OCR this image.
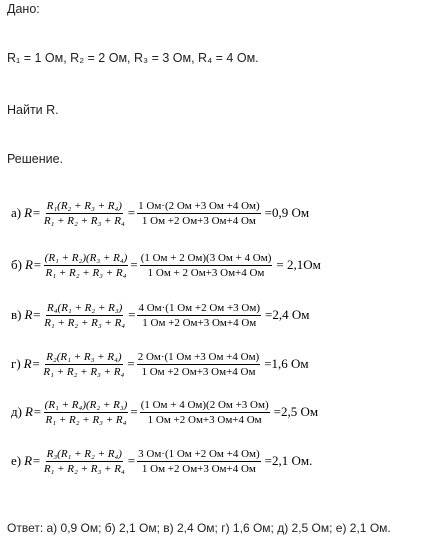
Дано:
R₁ = 1 Ом, R₂ = 2 Ом, R₃ = 3 Ом, R₄ = 4 Ом.
Найти R.
Решение.
а) $R= \frac{\text{R₁(R₂ + R₃ + R₄)}}{\text{R₁ + R₂ + R₃ + R₄}} = \frac{1 Ом\cdot(2 Ом +3 Ом +4 Ом)}{1 Ом +2 Ом+3 Ом+4 Ом} =0,9$ Ом
б) $R= \frac{\text{(R₁ + R₂)(R₃ + R₄)}}{\text{R₁ + R₂ + R₃ + R₄}} = \frac{(1 Ом + 2 Ом)(3 Ом + 4 Ом)}{1 Ом + 2 Ом+3 Ом+4 Ом} = 2,1Ом$
в) $R= \frac{\text{R₄(R₁ + R₂ + R₃)}}{\text{R₁ + R₂ + R₃ + R₄}} = \frac{4 Ом\cdot(1 Ом +2 Ом +3 Ом)}{1 Ом +2 Ом+3 Ом+4 Ом} =2,4$ Ом
г) $R= \frac{\text{R₂(R₁ + R₃ + R₄)}}{\text{R₁ + R₂ + R₃ + R₄}} = \frac{2 Ом\cdot(1 Ом +3 Ом +4 Ом)}{1 Ом +2 Ом+3 Ом+4 Ом} =1,6$ Ом
д) $R= \frac{\text{(R₁ + R₄)(R₂ + R₃)}}{\text{R₁ + R₂ + R₃ + R₄}} = \frac{(1 Ом + 4 Ом)(2 Ом +3 Ом)}{1 Ом +2 Ом+3 Ом+4 Ом} =2,5$ Ом
е) $R= \frac{\text{R₃(R₁ + R₂ + R₄)}}{\text{R₁ + R₂ + R₃ + R₄}} = \frac{3 Ом\cdot(1 Ом +2 Ом +4 Ом)}{1 Ом +2 Ом+3 Ом+4 Ом} =2,1$ Ом.
Ответ: а) 0,9 Ом; б) 2,1 Ом; в) 2,4 Ом; г) 1,6 Ом; д) 2,5 Ом; е) 2,1 Ом.
